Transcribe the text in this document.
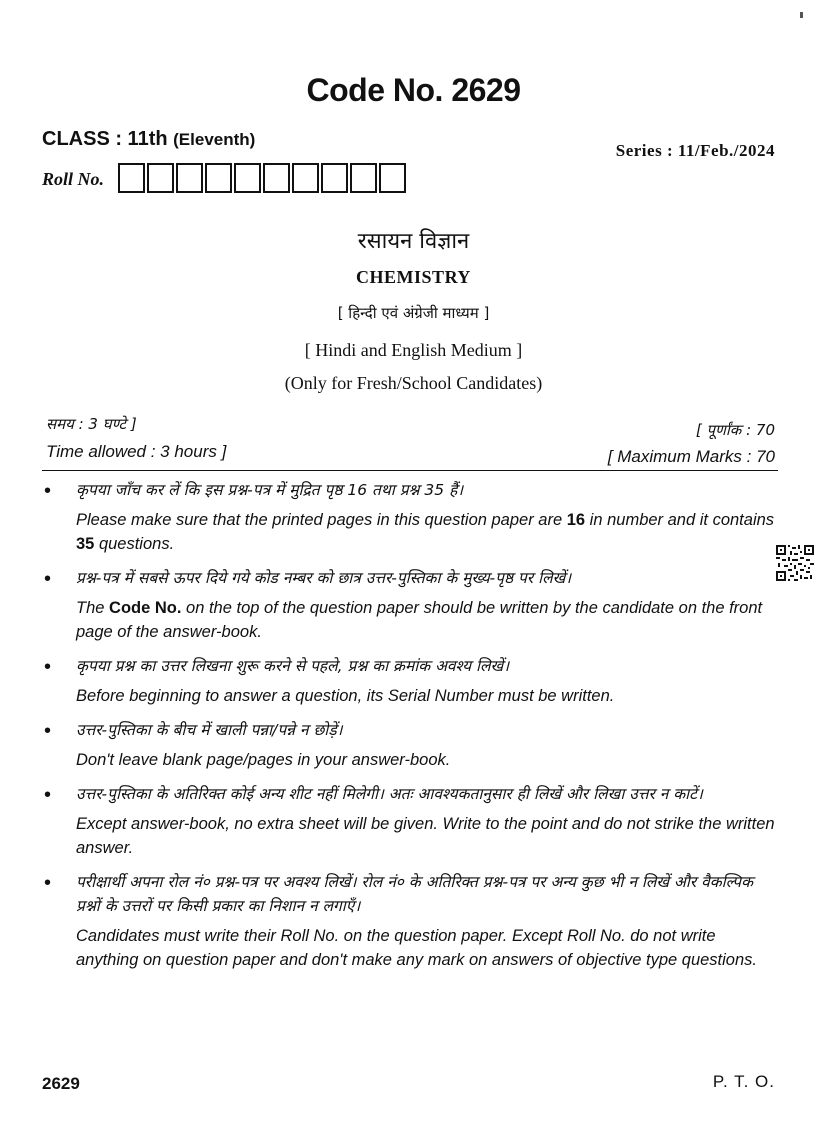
Code No. 2629
CLASS : 11th (Eleventh)
Series : 11/Feb./2024
Roll No.
रसायन विज्ञान
CHEMISTRY
[ हिन्दी एवं अंग्रेजी माध्यम ]
[ Hindi and English Medium ]
(Only for Fresh/School Candidates)
समय : 3 घण्टे ]	[ पूर्णांक : 70
Time allowed : 3 hours ]	[ Maximum Marks : 70
• कृपया जाँच कर लें कि इस प्रश्न-पत्र में मुद्रित पृष्ठ 16 तथा प्रश्न 35 हैं।
Please make sure that the printed pages in this question paper are 16 in number and it contains 35 questions.
• प्रश्न-पत्र में सबसे ऊपर दिये गये कोड नम्बर को छात्र उत्तर-पुस्तिका के मुख्य-पृष्ठ पर लिखें।
The Code No. on the top of the question paper should be written by the candidate on the front page of the answer-book.
• कृपया प्रश्न का उत्तर लिखना शुरू करने से पहले, प्रश्न का क्रमांक अवश्य लिखें।
Before beginning to answer a question, its Serial Number must be written.
• उत्तर-पुस्तिका के बीच में खाली पन्ना/पन्ने न छोड़ें।
Don't leave blank page/pages in your answer-book.
• उत्तर-पुस्तिका के अतिरिक्त कोई अन्य शीट नहीं मिलेगी। अतः आवश्यकतानुसार ही लिखें और लिखा उत्तर न काटें।
Except answer-book, no extra sheet will be given. Write to the point and do not strike the written answer.
• परीक्षार्थी अपना रोल नं० प्रश्न-पत्र पर अवश्य लिखें। रोल नं० के अतिरिक्त प्रश्न-पत्र पर अन्य कुछ भी न लिखें और वैकल्पिक प्रश्नों के उत्तरों पर किसी प्रकार का निशान न लगाएँ।
Candidates must write their Roll No. on the question paper. Except Roll No. do not write anything on question paper and don't make any mark on answers of objective type questions.
2629	P. T. O.
